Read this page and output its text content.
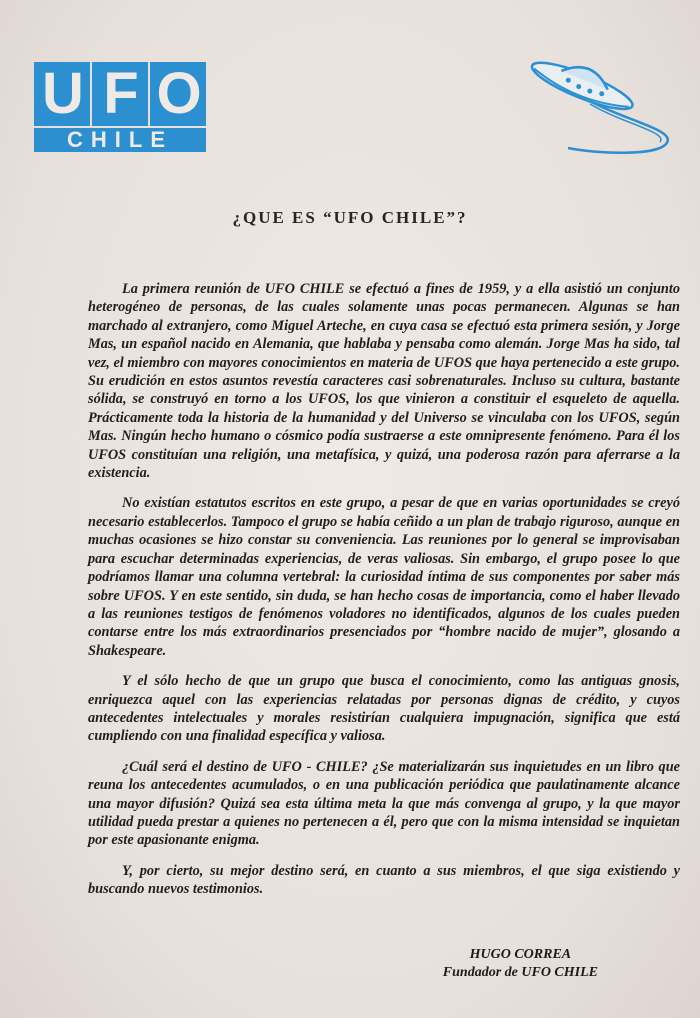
U F O
CHILE
¿QUE ES “UFO CHILE”?

La primera reunión de UFO CHILE se efectuó a fines de 1959, y a ella asistió un conjunto heterogéneo de personas, de las cuales solamente unas pocas permanecen. Algunas se han marchado al extranjero, como Miguel Arteche, en cuya casa se efectuó esta primera sesión, y Jorge Mas, un español nacido en Alemania, que hablaba y pensaba como alemán. Jorge Mas ha sido, tal vez, el miembro con mayores conocimientos en materia de UFOS que haya pertenecido a este grupo. Su erudición en estos asuntos revestía caracteres casi sobrenaturales. Incluso su cultura, bastante sólida, se construyó en torno a los UFOS, los que vinieron a constituir el esqueleto de aquella. Prácticamente toda la historia de la humanidad y del Universo se vinculaba con los UFOS, según Mas. Ningún hecho humano o cósmico podía sustraerse a este omnipresente fenómeno. Para él los UFOS constituían una religión, una metafísica, y quizá, una poderosa razón para aferrarse a la existencia.

No existían estatutos escritos en este grupo, a pesar de que en varias oportunidades se creyó necesario establecerlos. Tampoco el grupo se había ceñido a un plan de trabajo riguroso, aunque en muchas ocasiones se hizo constar su conveniencia. Las reuniones por lo general se improvisaban para escuchar determinadas experiencias, de veras valiosas. Sin embargo, el grupo posee lo que podríamos llamar una columna vertebral: la curiosidad íntima de sus componentes por saber más sobre UFOS. Y en este sentido, sin duda, se han hecho cosas de importancia, como el haber llevado a las reuniones testigos de fenómenos voladores no identificados, algunos de los cuales pueden contarse entre los más extraordinarios presenciados por “hombre nacido de mujer”, glosando a Shakespeare.

Y el sólo hecho de que un grupo que busca el conocimiento, como las antiguas gnosis, enriquezca aquel con las experiencias relatadas por personas dignas de crédito, y cuyos antecedentes intelectuales y morales resistirían cualquiera impugnación, significa que está cumpliendo con una finalidad específica y valiosa.

¿Cuál será el destino de UFO - CHILE? ¿Se materializarán sus inquietudes en un libro que reuna los antecedentes acumulados, o en una publicación periódica que paulatinamente alcance una mayor difusión? Quizá sea esta última meta la que más convenga al grupo, y la que mayor utilidad pueda prestar a quienes no pertenecen a él, pero que con la misma intensidad se inquietan por este apasionante enigma.

Y, por cierto, su mejor destino será, en cuanto a sus miembros, el que siga existiendo y buscando nuevos testimonios.

HUGO CORREA
Fundador de UFO CHILE
